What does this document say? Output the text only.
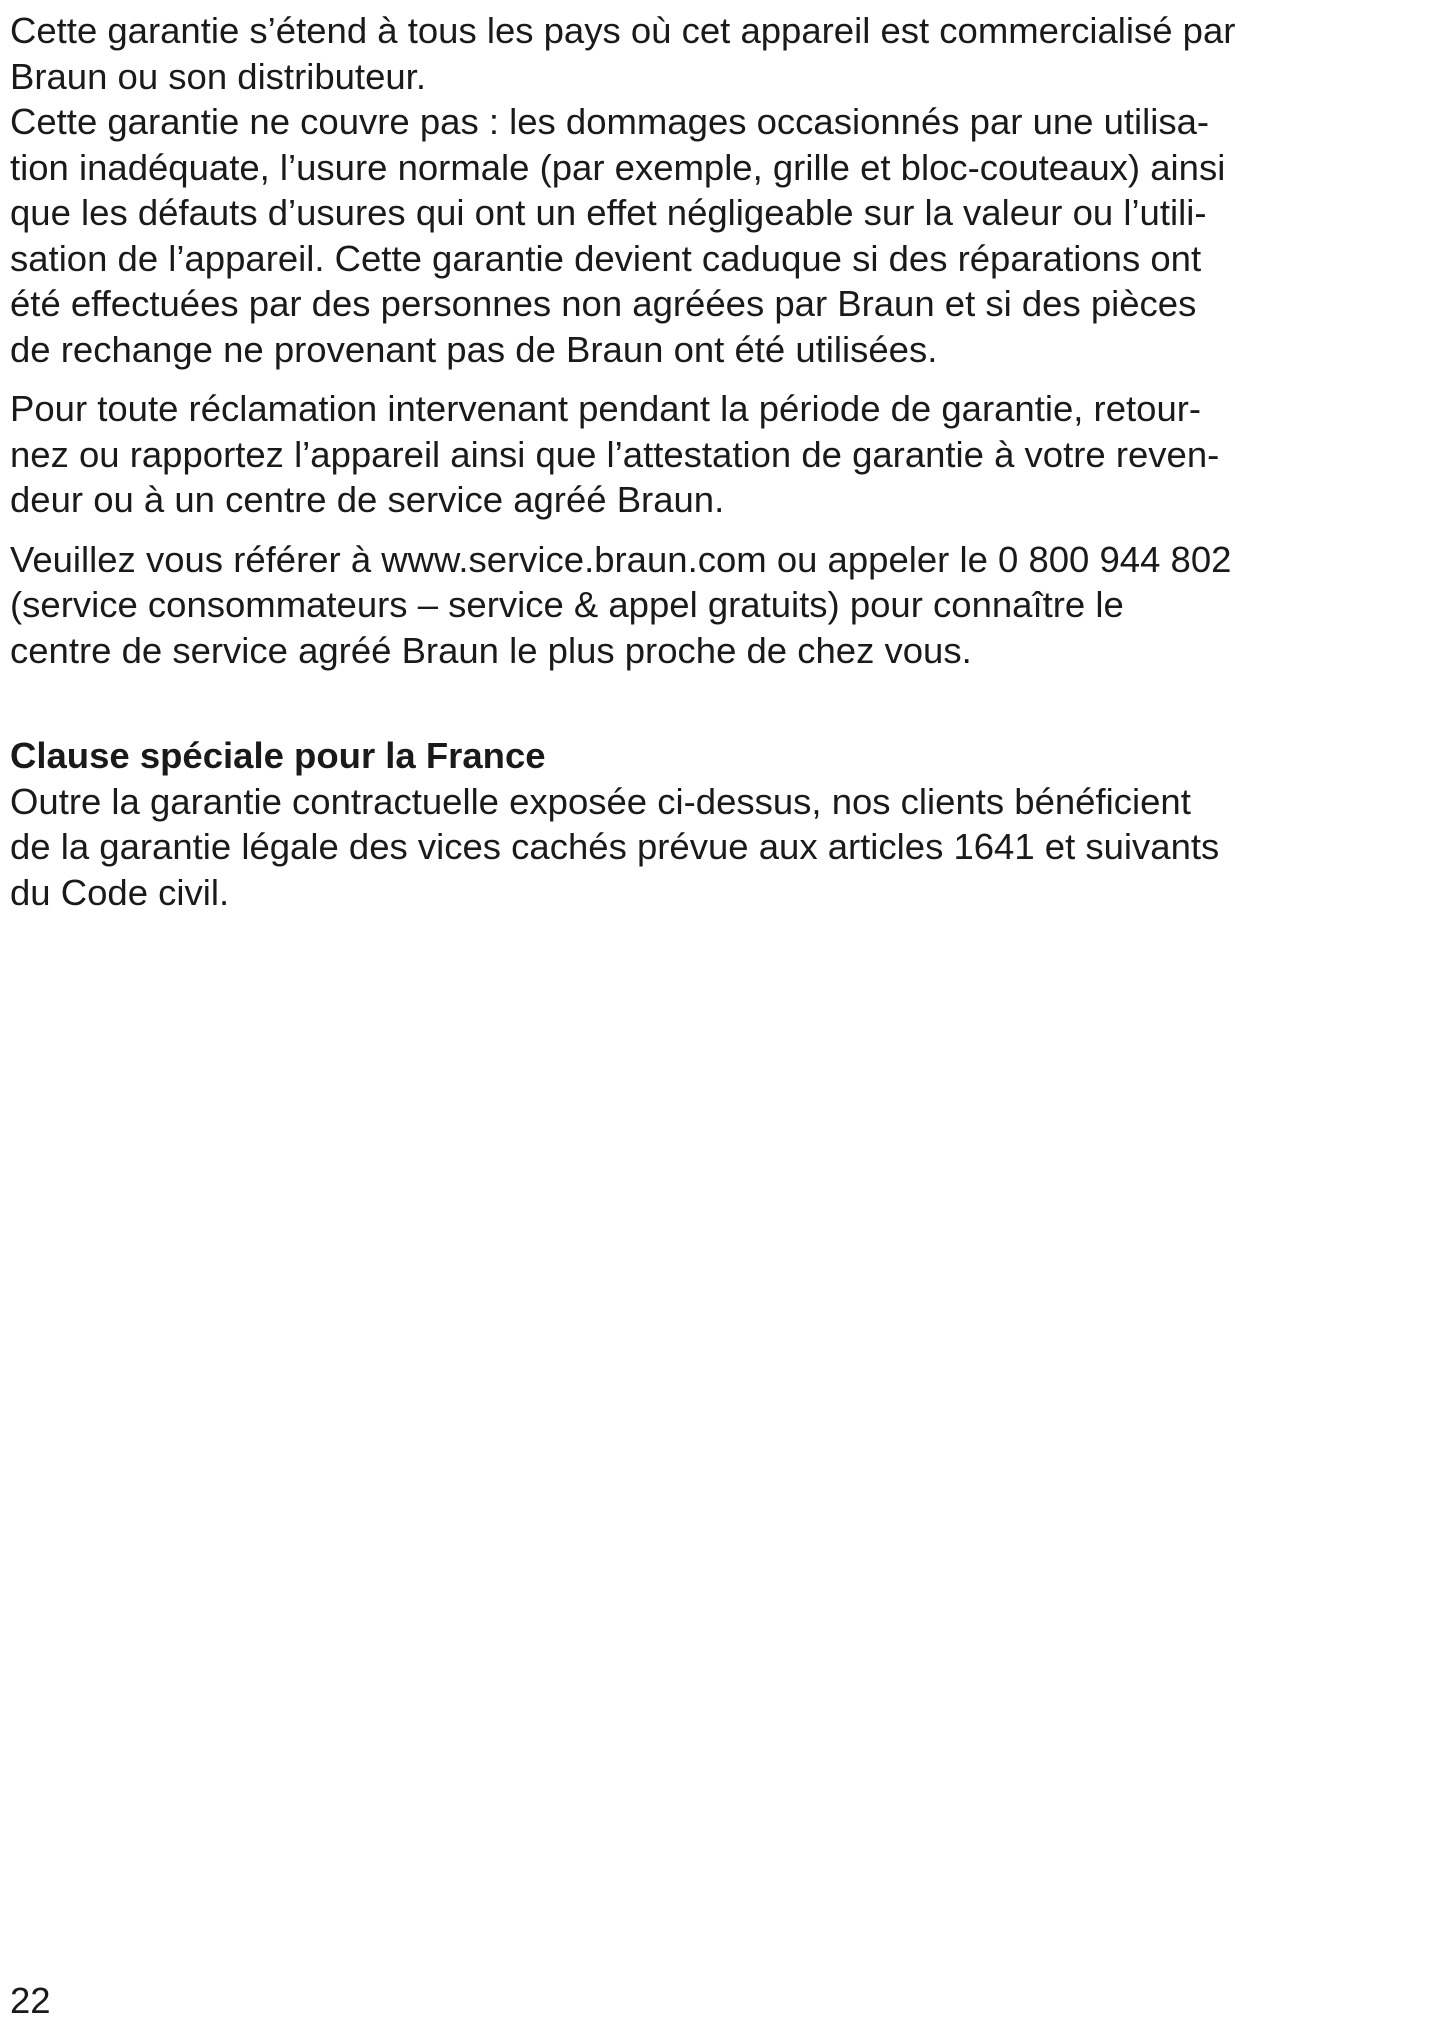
Cette garantie s’étend à tous les pays où cet appareil est commercialisé par
Braun ou son distributeur.
Cette garantie ne couvre pas : les dommages occasionnés par une utilisa-
tion inadéquate, l’usure normale (par exemple, grille et bloc-couteaux) ainsi
que les défauts d’usures qui ont un effet négligeable sur la valeur ou l’utili-
sation de l’appareil. Cette garantie devient caduque si des réparations ont
été effectuées par des personnes non agréées par Braun et si des pièces
de rechange ne provenant pas de Braun ont été utilisées.

Pour toute réclamation intervenant pendant la période de garantie, retour-
nez ou rapportez l’appareil ainsi que l’attestation de garantie à votre reven-
deur ou à un centre de service agréé Braun.

Veuillez vous référer à www.service.braun.com ou appeler le 0 800 944 802
(service consommateurs – service & appel gratuits) pour connaître le
centre de service agréé Braun le plus proche de chez vous.

Clause spéciale pour la France
Outre la garantie contractuelle exposée ci-dessus, nos clients bénéficient
de la garantie légale des vices cachés prévue aux articles 1641 et suivants
du Code civil.
22
